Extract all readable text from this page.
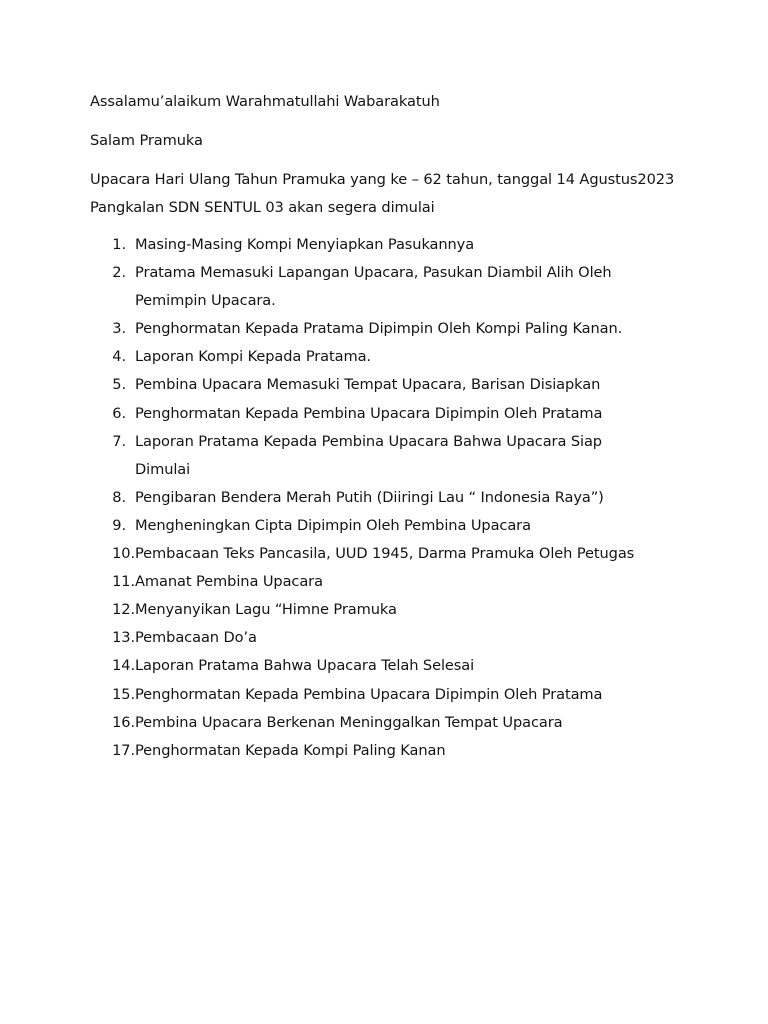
Assalamu’alaikum Warahmatullahi Wabarakatuh

Salam Pramuka

Upacara Hari Ulang Tahun Pramuka yang ke – 62 tahun, tanggal 14 Agustus2023
Pangkalan SDN SENTUL 03 akan segera dimulai
1. Masing-Masing Kompi Menyiapkan Pasukannya
2. Pratama Memasuki Lapangan Upacara, Pasukan Diambil Alih Oleh Pemimpin Upacara.
3. Penghormatan Kepada Pratama Dipimpin Oleh Kompi Paling Kanan.
4. Laporan Kompi Kepada Pratama.
5. Pembina Upacara Memasuki Tempat Upacara, Barisan Disiapkan
6. Penghormatan Kepada Pembina Upacara Dipimpin Oleh Pratama
7. Laporan Pratama Kepada Pembina Upacara Bahwa Upacara Siap Dimulai
8. Pengibaran Bendera Merah Putih (Diiringi Lau “ Indonesia Raya”)
9. Mengheningkan Cipta Dipimpin Oleh Pembina Upacara
10. Pembacaan Teks Pancasila, UUD 1945, Darma Pramuka Oleh Petugas
11. Amanat Pembina Upacara
12. Menyanyikan Lagu “Himne Pramuka
13. Pembacaan Do’a
14. Laporan Pratama Bahwa Upacara Telah Selesai
15. Penghormatan Kepada Pembina Upacara Dipimpin Oleh Pratama
16. Pembina Upacara Berkenan Meninggalkan Tempat Upacara
17. Penghormatan Kepada Kompi Paling Kanan
